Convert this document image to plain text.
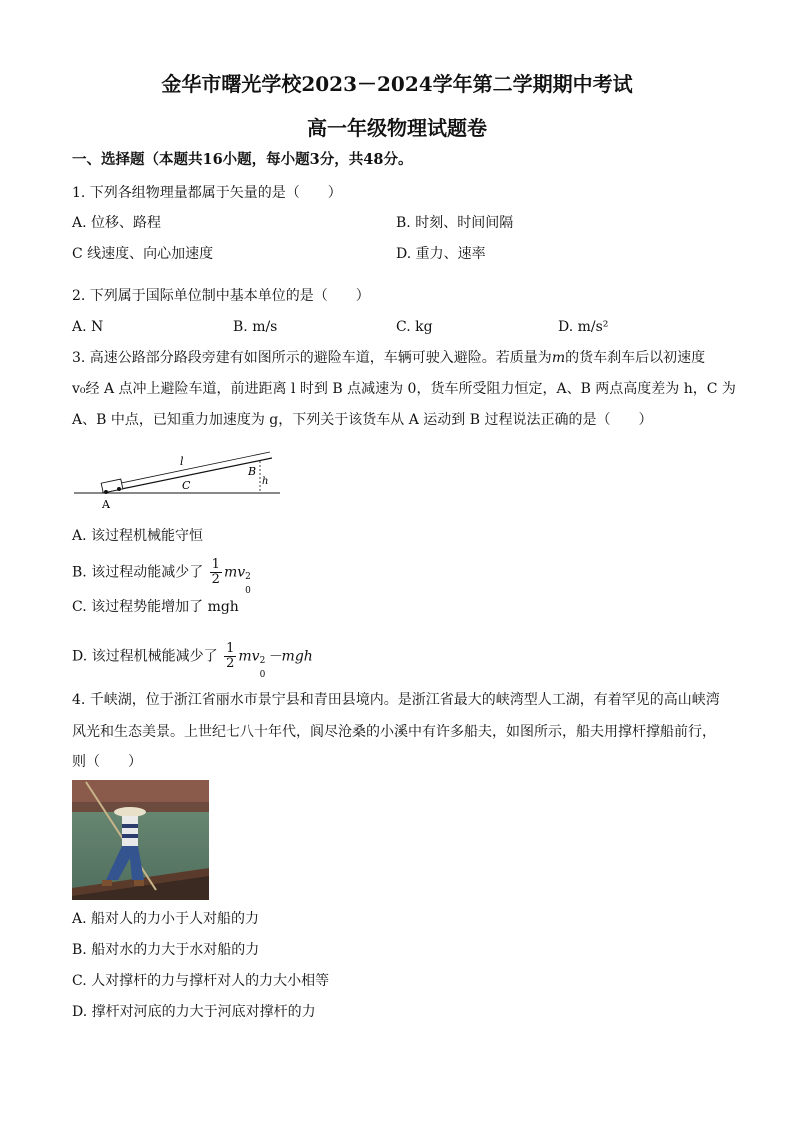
金华市曙光学校2023－2024学年第二学期期中考试
高一年级物理试题卷
一、选择题（本题共16小题，每小题3分，共48分。
1. 下列各组物理量都属于矢量的是（　　）
A. 位移、路程	B. 时刻、时间间隔
C 线速度、向心加速度	D. 重力、速率
2. 下列属于国际单位制中基本单位的是（　　）
A. N	B. m/s	C. kg	D. m/s²
3. 高速公路部分路段旁建有如图所示的避险车道，车辆可驶入避险。若质量为m的货车刹车后以初速度
v₀经 A 点冲上避险车道，前进距离 l 时到 B 点减速为 0，货车所受阻力恒定，A、B 两点高度差为 h，C 为
A、B 中点，已知重力加速度为 g，下列关于该货车从 A 运动到 B 过程说法正确的是（　　）
l
B
C	h
A
A. 该过程机械能守恒
B. 该过程动能减少了 $\frac{1}{2}$ mv 2
0
C. 该过程势能增加了 mgh
D. 该过程机械能减少了 $\frac{1}{2}$ mv 2
0
－mgh
4. 千峡湖，位于浙江省丽水市景宁县和青田县境内。是浙江省最大的峡湾型人工湖，有着罕见的高山峡湾
风光和生态美景。上世纪七八十年代，阆尽沧桑的小溪中有许多船夫，如图所示，船夫用撑杆撑船前行，
则（　　）
A. 船对人的力小于人对船的力
B. 船对水的力大于水对船的力
C. 人对撑杆的力与撑杆对人的力大小相等
D. 撑杆对河底的力大于河底对撑杆的力
